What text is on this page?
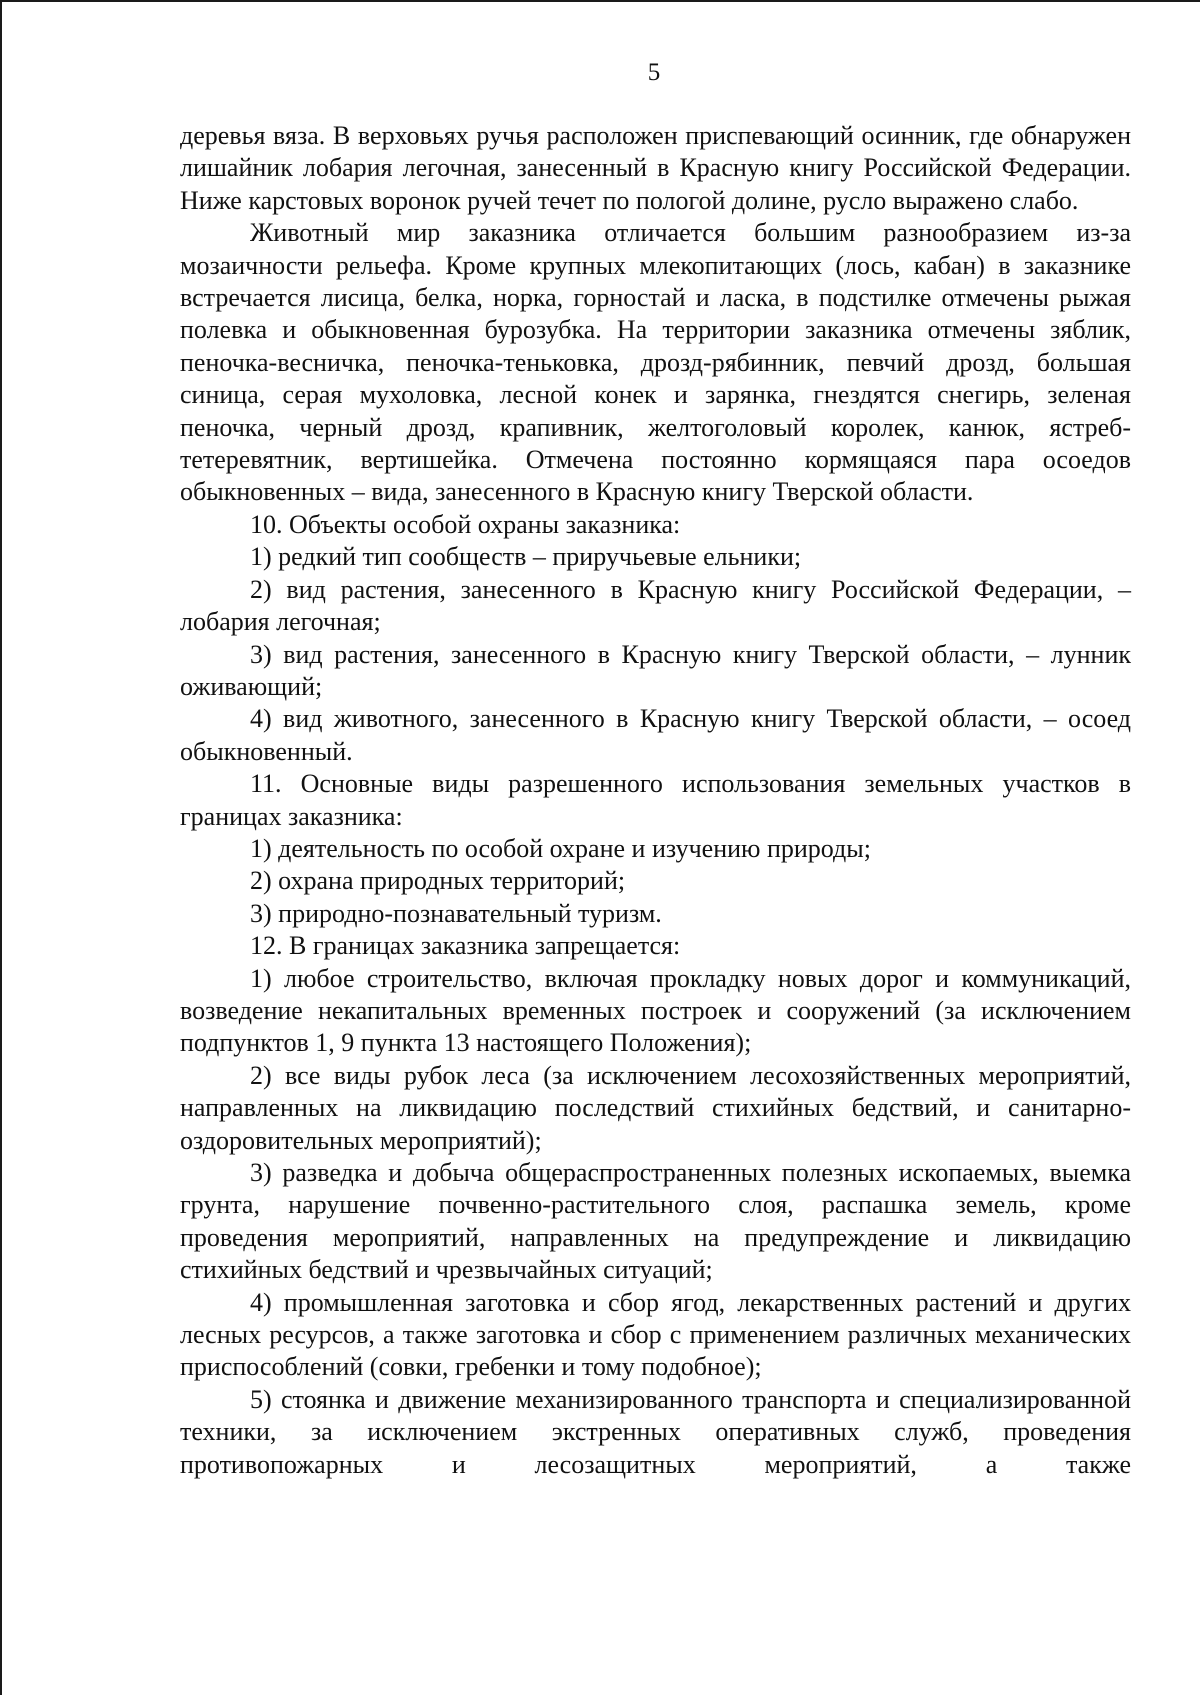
5

деревья вяза. В верховьях ручья расположен приспевающий осинник, где обнаружен лишайник лобария легочная, занесенный в Красную книгу Российской Федерации. Ниже карстовых воронок ручей течет по пологой долине, русло выражено слабо.

Животный мир заказника отличается большим разнообразием из-за мозаичности рельефа. Кроме крупных млекопитающих (лось, кабан) в заказнике встречается лисица, белка, норка, горностай и ласка, в подстилке отмечены рыжая полевка и обыкновенная бурозубка. На территории заказника отмечены зяблик, пеночка-весничка, пеночка-теньковка, дрозд-рябинник, певчий дрозд, большая синица, серая мухоловка, лесной конек и зарянка, гнездятся снегирь, зеленая пеночка, черный дрозд, крапивник, желтоголовый королек, канюк, ястреб-тетеревятник, вертишейка. Отмечена постоянно кормящаяся пара осоедов обыкновенных – вида, занесенного в Красную книгу Тверской области.

10. Объекты особой охраны заказника:

1) редкий тип сообществ – приручьевые ельники;

2) вид растения, занесенного в Красную книгу Российской Федерации, – лобария легочная;

3) вид растения, занесенного в Красную книгу Тверской области, – лунник оживающий;

4) вид животного, занесенного в Красную книгу Тверской области, – осоед обыкновенный.

11. Основные виды разрешенного использования земельных участков в границах заказника:

1) деятельность по особой охране и изучению природы;

2) охрана природных территорий;

3) природно-познавательный туризм.

12. В границах заказника запрещается:

1) любое строительство, включая прокладку новых дорог и коммуникаций, возведение некапитальных временных построек и сооружений (за исключением подпунктов 1, 9 пункта 13 настоящего Положения);

2) все виды рубок леса (за исключением лесохозяйственных мероприятий, направленных на ликвидацию последствий стихийных бедствий, и санитарно-оздоровительных мероприятий);

3) разведка и добыча общераспространенных полезных ископаемых, выемка грунта, нарушение почвенно-растительного слоя, распашка земель, кроме проведения мероприятий, направленных на предупреждение и ликвидацию стихийных бедствий и чрезвычайных ситуаций;

4) промышленная заготовка и сбор ягод, лекарственных растений и других лесных ресурсов, а также заготовка и сбор с применением различных механических приспособлений (совки, гребенки и тому подобное);

5) стоянка и движение механизированного транспорта и специализированной техники, за исключением экстренных оперативных служб, проведения противопожарных и лесозащитных мероприятий, а также
